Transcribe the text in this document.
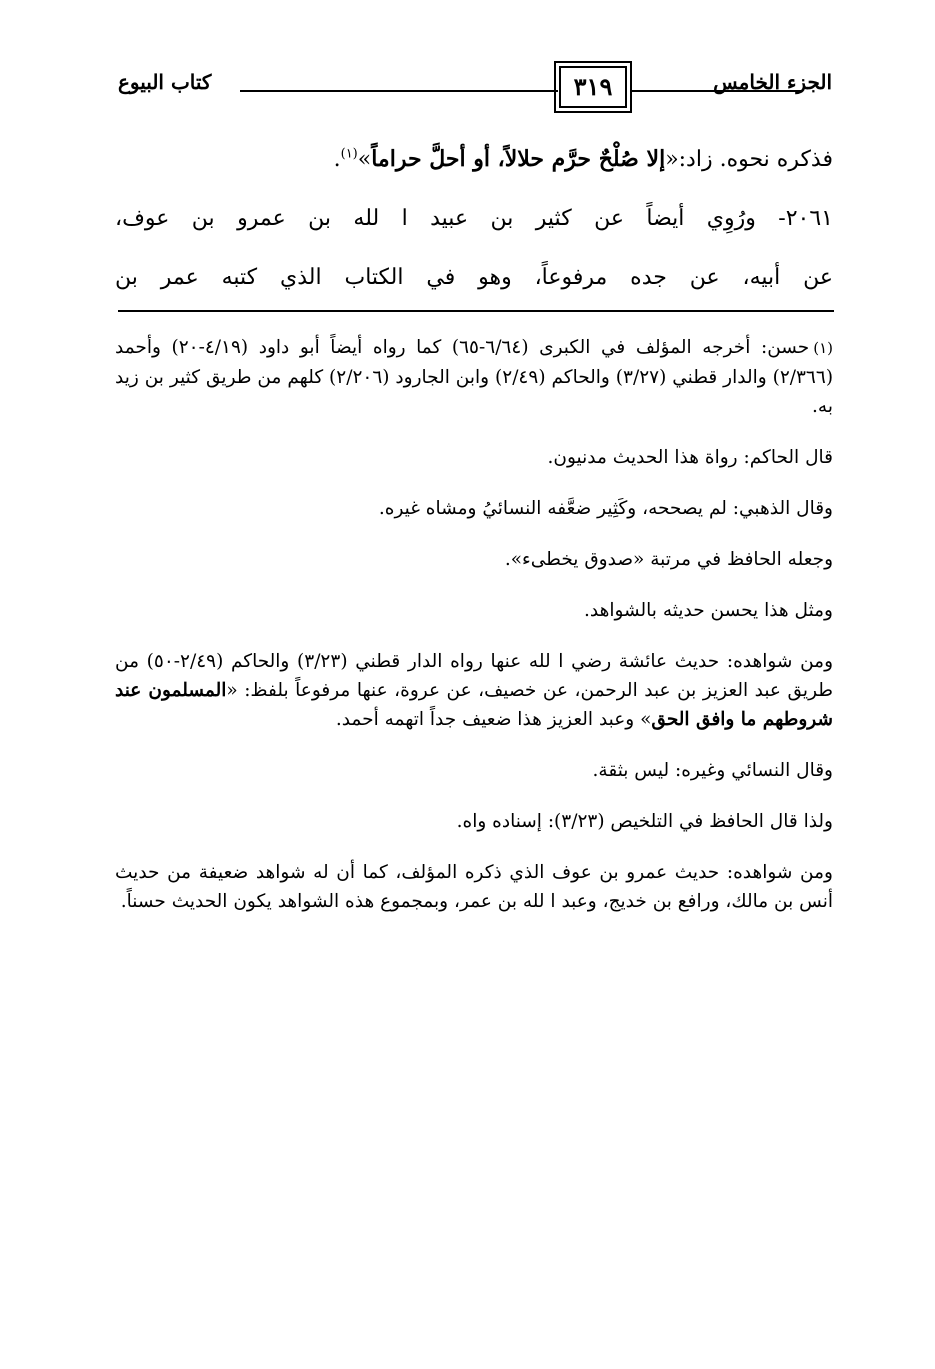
الجزء الخامس
٣١٩
كتاب البيوع
فذكره نحوه. زاد:«إلا صُلْحٌ حرَّم حلالاً، أو أحلَّ حراماً»$^{(١)}$.
٢٠٦١- ورُوِي أيضاً عن كثير بن عبيد ا لله بن عمرو بن عوف،
عن أبيه، عن جده مرفوعاً، وهو في الكتاب الذي كتبه عمر بن

(١)حسن: أخرجه المؤلف في الكبرى (٦/٦٤-٦٥) كما رواه أيضاً أبو داود (٤/١٩-٢٠) وأحمد (٢/٣٦٦) والدار قطني (٣/٢٧) والحاكم (٢/٤٩) وابن الجارود (٢/٢٠٦) كلهم من طريق كثير بن زيد به.

قال الحاكم: رواة هذا الحديث مدنيون.

وقال الذهبي: لم يصححه، وكَثِير ضعَّفه النسائيُ ومشاه غيره.

وجعله الحافظ في مرتبة «صدوق يخطىء».

ومثل هذا يحسن حديثه بالشواهد.

ومن شواهده: حديث عائشة رضي ا لله عنها رواه الدار قطني (٣/٢٣) والحاكم (٢/٤٩-٥٠) من طريق عبد العزيز بن عبد الرحمن، عن خصيف، عن عروة، عنها مرفوعاً بلفظ: «المسلمون عند شروطهم ما وافق الحق» وعبد العزيز هذا ضعيف جداً اتهمه أحمد.

وقال النسائي وغيره: ليس بثقة.

ولذا قال الحافظ في التلخيص (٣/٢٣): إسناده واه.

ومن شواهده: حديث عمرو بن عوف الذي ذكره المؤلف، كما أن له شواهد ضعيفة من حديث أنس بن مالك، ورافع بن خديج، وعبد ا لله بن عمر، وبمجموع هذه الشواهد يكون الحديث حسناً.
